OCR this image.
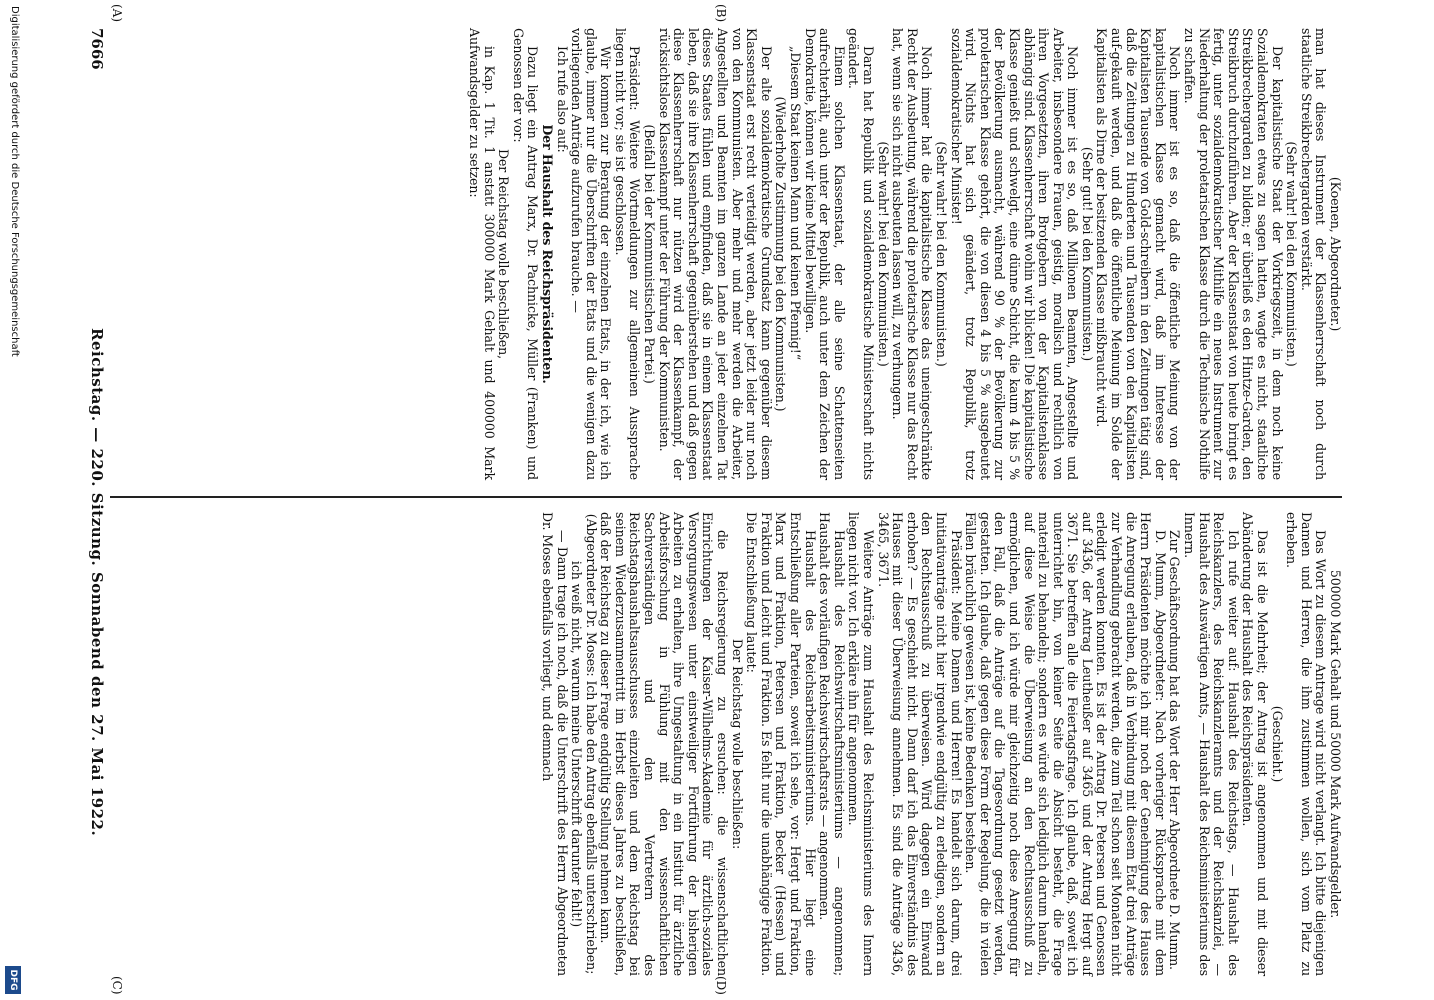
7666
Reichstag. — 220. Sitzung. Sonnabend den 27. Mai 1922.
(A)	(B)
(C)	(D)

(Koenen, Abgeordneter.)

man hat dieses Instrument der Klassenherrschaft noch durch staatliche Streikbrechergarden verstärkt.

(Sehr wahr! bei den Kommunisten.)

Der kapitalistische Staat der Vorkriegszeit, in dem noch keine Sozialdemokraten etwas zu sagen hatten, wagte es nicht, staatliche Streikbrechergarden zu bilden; er überließ es den Hintze-Garden, den Streikbruch durchzuführen. Aber der Klassenstaat von heute bringt es fertig, unter sozialdemokratischer Mithilfe ein neues Instrument zur Niederhaltung der proletarischen Klasse durch die Technische Nothilfe zu schaffen.

Noch immer ist es so, daß die öffentliche Meinung von der kapitalistischen Klasse gemacht wird, daß im Interesse der Kapitalisten Tausende von Gold-schreibern in den Zeitungen tätig sind, daß die Zeitungen zu Hunderten und Tausenden von den Kapitalisten auf-gekauft werden, und daß die öffentliche Meinung im Solde der Kapitalisten als Dirne der besitzenden Klasse mißbraucht wird.

(Sehr gut! bei den Kommunisten.)

Noch immer ist es so, daß Millionen Beamten, Angestellte und Arbeiter, insbesondere Frauen, geistig, moralisch und rechtlich von ihren Vorgesetzten, ihren Brotgebern von der Kapitalistenklasse abhängig sind. Klassenherrschaft wohin wir blicken! Die kapitalistische Klasse genießt und schwelgt, eine dünne Schicht, die kaum 4 bis 5 % der Bevölkerung ausmacht, während 90 % der Bevölkerung zur proletarischen Klasse gehört, die von diesen 4 bis 5 % ausgebeutet wird. Nichts hat sich geändert, trotz Republik, trotz sozialdemokratischer Minister!

(Sehr wahr! bei den Kommunisten.)

Noch immer hat die kapitalistische Klasse das uneingeschränkte Recht der Ausbeutung, während die proletarische Klasse nur das Recht hat, wenn sie sich nicht ausbeuten lassen will, zu verhungern.

(Sehr wahr! bei den Kommunisten.)

Daran hat Republik und sozialdemokratische Ministerschaft nichts geändert.

Einem solchen Klassenstaat, der alle seine Schattenseiten aufrechterhält, auch unter der Republik, auch unter dem Zeichen der Demokratie, können wir keine Mittel bewilligen.

„Diesem Staat keinen Mann und keinen Pfennig!“

(Wiederholte Zustimmung bei den Kommunisten.)

Der alte sozialdemokratische Grundsatz kann gegenüber diesem Klassenstaat erst recht verteidigt werden, aber jetzt leider nur noch von den Kommunisten. Aber mehr und mehr werden die Arbeiter, Angestellten und Beamten im ganzen Lande an jeder einzelnen Tat dieses Staates fühlen und empfinden, daß sie in einem Klassenstaat leben, daß sie ihre Klassenherrschaft gegenüberstehen und daß gegen diese Klassenherrschaft nur nützen wird der Klassenkampf, der rücksichtslose Klassenkampf unter der Führung der Kommunisten.

(Beifall bei der Kommunistischen Partei.)

Präsident: Weitere Wortmeldungen zur allgemeinen Aussprache liegen nicht vor; sie ist geschlossen.

Wir kommen zur Beratung der einzelnen Etats, in der ich, wie ich glaube, immer nur die Überschriften der Etats und die wenigen dazu vorliegenden Anträge aufzurufen brauche. —

Ich rufe also auf:

Der Haushalt des Reichspräsidenten.

Dazu liegt ein Antrag Marx, Dr. Pachnicke, Müller (Franken) und Genossen der vor:

Der Reichstag wolle beschließen,

in Kap. 1 Tit. 1 anstatt 300000 Mark Gehalt und 400000 Mark Aufwandsgelder zu setzen:

500000 Mark Gehalt und 50000 Mark Aufwandsgelder.

Das Wort zu diesem Antrage wird nicht verlangt. Ich bitte diejenigen Damen und Herren, die ihm zustimmen wollen, sich vom Platz zu erheben.

(Geschieht.)

Das ist die Mehrheit; der Antrag ist angenommen und mit dieser Abänderung der Haushalt des Reichspräsidenten.

Ich rufe weiter auf: Haushalt des Reichstags, — Haushalt des Reichskanzlers, des Reichskanzleramts und der Reichskanzlei, — Haushalt des Auswärtigen Amts, — Haushalt des Reichsministeriums des Innern.

Zur Geschäftsordnung hat das Wort der Herr Abgeordnete D. Mumm.

D. Mumm, Abgeordneter: Nach vorheriger Rücksprache mit dem Herrn Präsidenten möchte ich mir noch der Genehmigung des Hauses die Anregung erlauben, daß in Verbindung mit diesem Etat drei Anträge zur Verhandlung gebracht werden, die zum Teil schon seit Monaten nicht erledigt werden konnten. Es ist der Antrag Dr. Petersen und Genossen auf 3436, der Antrag Leutheußer auf 3465 und der Antrag Hergt auf 3671. Sie betreffen alle die Feiertagsfrage. Ich glaube, daß, soweit ich unterrichtet bin, von keiner Seite die Absicht besteht, die Frage materiell zu behandeln; sondern es würde sich lediglich darum handeln, auf diese Weise die Überweisung an den Rechtsausschuß zu ermöglichen, und ich würde mir gleichzeitig noch diese Anregung für den Fall, daß die Anträge auf die Tagesordnung gesetzt werden, gestatten. Ich glaube, daß gegen diese Form der Regelung, die in vielen Fällen bräuchlich gewesen ist, keine Bedenken bestehen.

Präsident: Meine Damen und Herren! Es handelt sich darum, drei Initiativanträge nicht hier irgendwie endgültig zu erledigen, sondern an den Rechtsausschuß zu überweisen. Wird dagegen ein Einwand erhoben? — Es geschieht nicht. Dann darf ich das Einverständnis des Hauses mit dieser Überweisung annehmen. Es sind die Anträge 3436, 3465, 3671.

Weitere Anträge zum Haushalt des Reichsministeriums des Innern liegen nicht vor. Ich erkläre ihn für angenommen.

Haushalt des Reichswirtschaftsministeriums — angenommen; Haushalt des vorläufigen Reichswirtschaftsrats — angenommen.

Haushalt des Reichsarbeitsministeriums. Hier liegt eine Entschließung aller Parteien, soweit ich sehe, vor: Hergt und Fraktion, Marx und Fraktion, Petersen und Fraktion, Becker (Hessen) und Fraktion und Leicht und Fraktion. Es fehlt nur die unabhängige Fraktion. Die Entschließung lautet:

Der Reichstag wolle beschließen:

die Reichsregierung zu ersuchen: die wissenschaftlichen Einrichtungen der Kaiser-Wilhelms-Akademie für ärztlich-soziales Versorgungswesen unter einstweiliger Fortführung der bisherigen Arbeiten zu erhalten, ihre Umgestaltung in ein Institut für ärztliche Arbeitsforschung in Fühlung mit den wissenschaftlichen Sachverständigen und den Vertretern des Reichstagshaushaltsausschusses einzuleiten und dem Reichstag bei seinem Wiederzusammentritt im Herbst dieses Jahres zu beschließen, daß der Reichstag zu dieser Frage endgültig Stellung nehmen kann.

(Abgeordneter Dr. Moses: Ich habe den Antrag ebenfalls unterschrieben; ich weiß nicht, warum meine Unterschrift darunter fehlt!)

— Dann trage ich noch, daß die Unterschrift des Herrn Abgeordneten Dr. Moses ebenfalls vorliegt, und demnach

Digitalisierung gefördert durch die Deutsche Forschungsgemeinschaft
DFG
